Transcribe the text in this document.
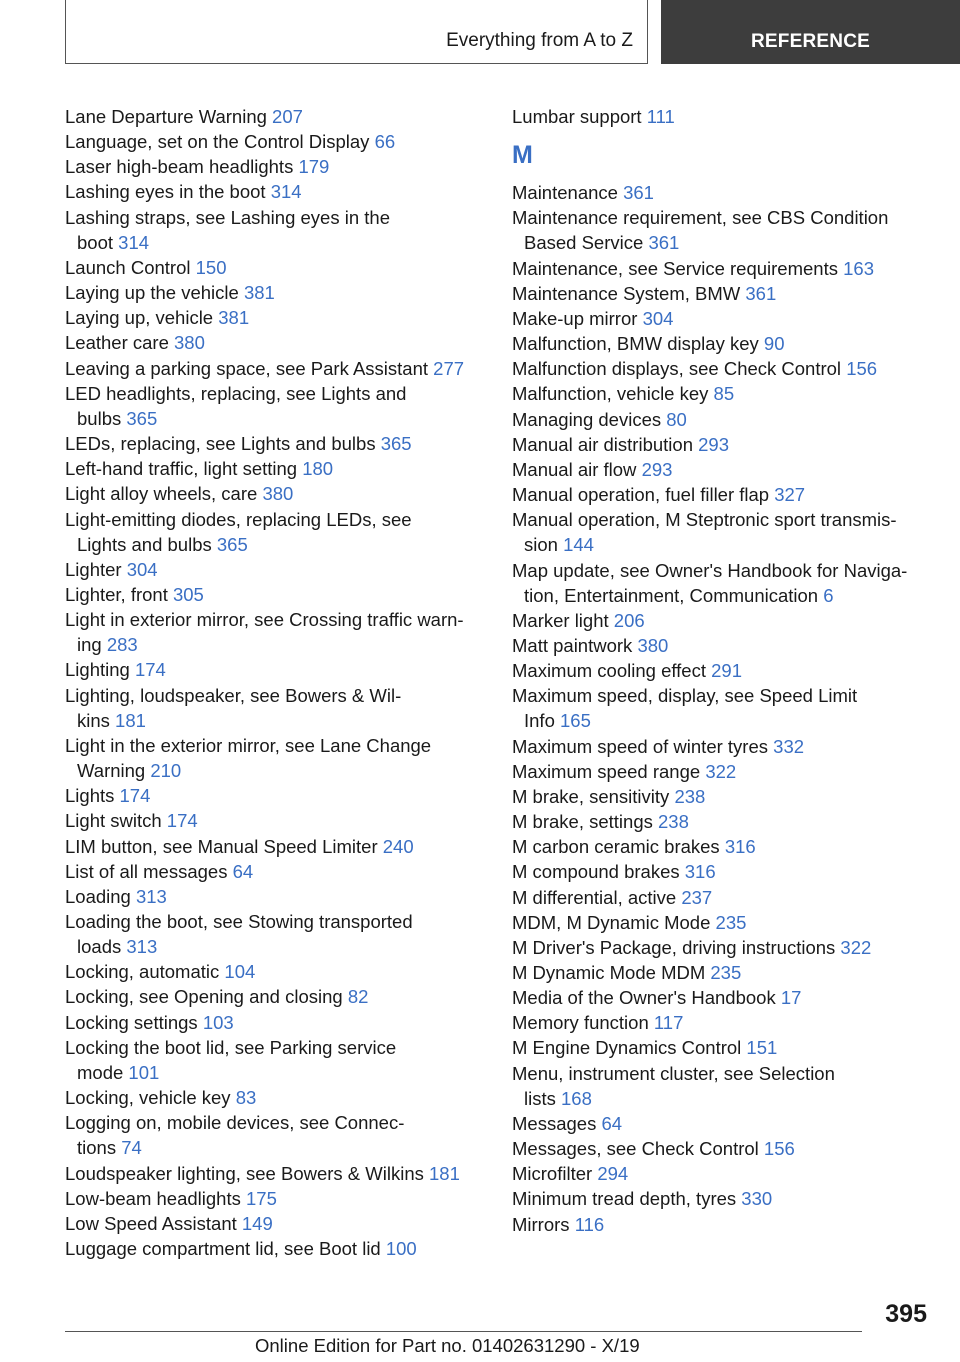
Everything from A to Z	REFERENCE
Lane Departure Warning 207
Language, set on the Control Display 66
Laser high-beam headlights 179
Lashing eyes in the boot 314
Lashing straps, see Lashing eyes in the
boot 314
Launch Control 150
Laying up the vehicle 381
Laying up, vehicle 381
Leather care 380
Leaving a parking space, see Park Assistant 277
LED headlights, replacing, see Lights and
bulbs 365
LEDs, replacing, see Lights and bulbs 365
Left-hand traffic, light setting 180
Light alloy wheels, care 380
Light-emitting diodes, replacing LEDs, see
Lights and bulbs 365
Lighter 304
Lighter, front 305
Light in exterior mirror, see Crossing traffic warn-
ing 283
Lighting 174
Lighting, loudspeaker, see Bowers & Wil-
kins 181
Light in the exterior mirror, see Lane Change
Warning 210
Lights 174
Light switch 174
LIM button, see Manual Speed Limiter 240
List of all messages 64
Loading 313
Loading the boot, see Stowing transported
loads 313
Locking, automatic 104
Locking, see Opening and closing 82
Locking settings 103
Locking the boot lid, see Parking service
mode 101
Locking, vehicle key 83
Logging on, mobile devices, see Connec-
tions 74
Loudspeaker lighting, see Bowers & Wilkins 181
Low-beam headlights 175
Low Speed Assistant 149
Luggage compartment lid, see Boot lid 100
Lumbar support 111
M
Maintenance 361
Maintenance requirement, see CBS Condition
Based Service 361
Maintenance, see Service requirements 163
Maintenance System, BMW 361
Make-up mirror 304
Malfunction, BMW display key 90
Malfunction displays, see Check Control 156
Malfunction, vehicle key 85
Managing devices 80
Manual air distribution 293
Manual air flow 293
Manual operation, fuel filler flap 327
Manual operation, M Steptronic sport transmis-
sion 144
Map update, see Owner's Handbook for Naviga-
tion, Entertainment, Communication 6
Marker light 206
Matt paintwork 380
Maximum cooling effect 291
Maximum speed, display, see Speed Limit
Info 165
Maximum speed of winter tyres 332
Maximum speed range 322
M brake, sensitivity 238
M brake, settings 238
M carbon ceramic brakes 316
M compound brakes 316
M differential, active 237
MDM, M Dynamic Mode 235
M Driver's Package, driving instructions 322
M Dynamic Mode MDM 235
Media of the Owner's Handbook 17
Memory function 117
M Engine Dynamics Control 151
Menu, instrument cluster, see Selection
lists 168
Messages 64
Messages, see Check Control 156
Microfilter 294
Minimum tread depth, tyres 330
Mirrors 116
395
Online Edition for Part no. 01402631290 - X/19
